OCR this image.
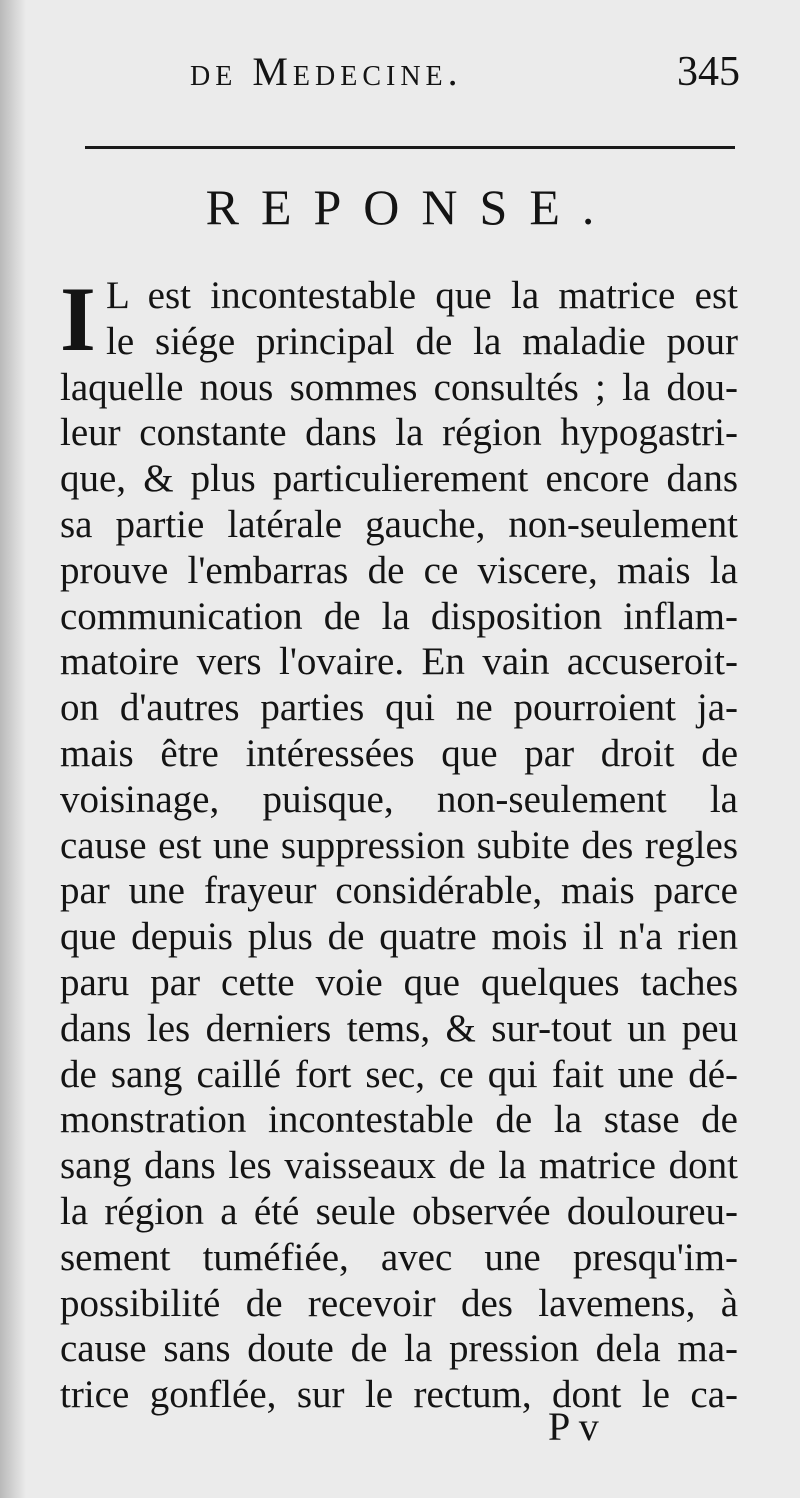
de Medecine.	345
REPONSE.
I L est incontestable que la matrice est
le siége principal de la maladie pour
laquelle nous sommes consultés ; la dou-
leur constante dans la région hypogastri-
que, & plus particulierement encore dans
sa partie latérale gauche, non-seulement
prouve l'embarras de ce viscere, mais la
communication de la disposition inflam-
matoire vers l'ovaire. En vain accuseroit-
on d'autres parties qui ne pourroient ja-
mais être intéressées que par droit de
voisinage, puisque, non-seulement la
cause est une suppression subite des regles
par une frayeur considérable, mais parce
que depuis plus de quatre mois il n'a rien
paru par cette voie que quelques taches
dans les derniers tems, & sur-tout un peu
de sang caillé fort sec, ce qui fait une dé-
monstration incontestable de la stase de
sang dans les vaisseaux de la matrice dont
la région a été seule observée douloureu-
sement tuméfiée, avec une presqu'im-
possibilité de recevoir des lavemens, à
cause sans doute de la pression dela ma-
trice gonflée, sur le rectum, dont le ca-
P v
